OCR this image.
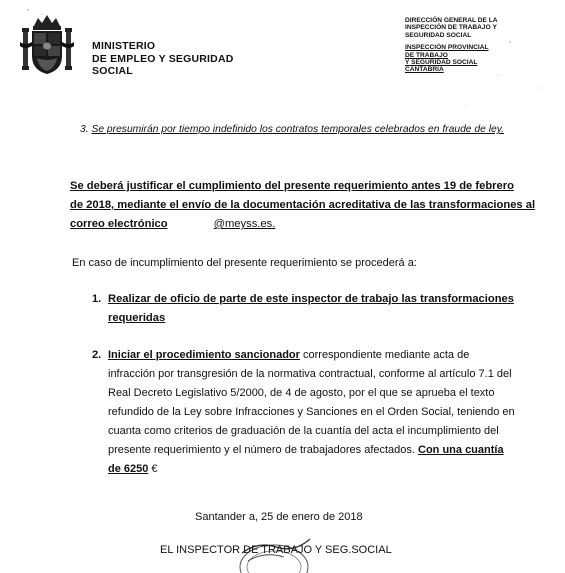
MINISTERIO
DE EMPLEO Y SEGURIDAD
SOCIAL
DIRECCIÓN GENERAL DE LA
INSPECCIÓN DE TRABAJO Y
SEGURIDAD SOCIAL
INSPECCIÓN PROVINCIAL
DE TRABAJO
Y SEGURIDAD SOCIAL
CANTABRIA
3. Se presumirán por tiempo indefinido los contratos temporales celebrados en fraude de ley.
Se deberá justificar el cumplimiento del presente requerimiento antes 19 de febrero
de 2018, mediante el envío de la documentación acreditativa de las transformaciones al
correo electrónico	@meyss.es.
En caso de incumplimiento del presente requerimiento se procederá a:
1. Realizar de oficio de parte de este inspector de trabajo las transformaciones
requeridas
2. Iniciar el procedimiento sancionador correspondiente mediante acta de
infracción por transgresión de la normativa contractual, conforme al artículo 7.1 del
Real Decreto Legislativo 5/2000, de 4 de agosto, por el que se aprueba el texto
refundido de la Ley sobre Infracciones y Sanciones en el Orden Social, teniendo en
cuanta como criterios de graduación de la cuantía del acta el incumplimiento del
presente requerimiento y el número de trabajadores afectados. Con una cuantía
de 6250 €
Santander a, 25 de enero de 2018
EL INSPECTOR DE TRABAJO Y SEG.SOCIAL
